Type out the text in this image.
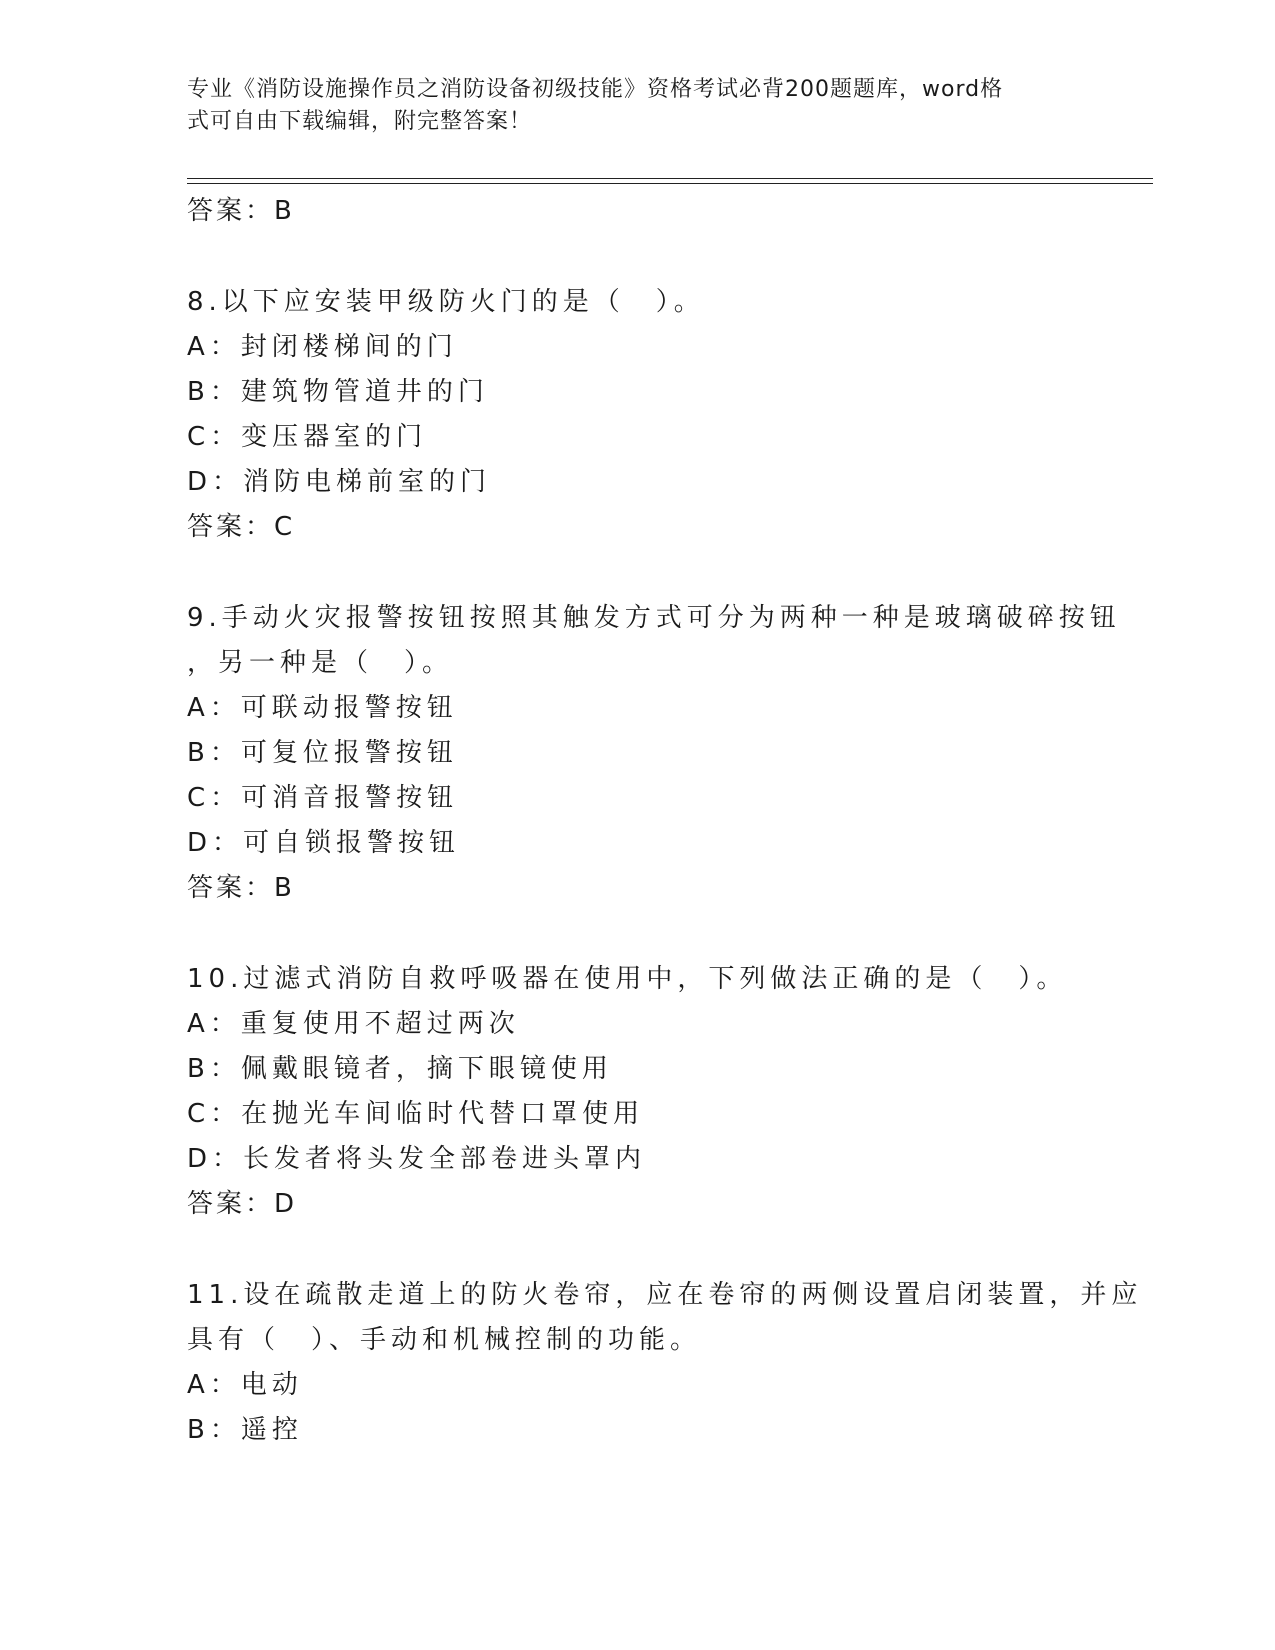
专业《消防设施操作员之消防设备初级技能》资格考试必背200题题库，word格
式可自由下载编辑，附完整答案！
答案：B
8.以下应安装甲级防火门的是（　）。
A：封闭楼梯间的门
B：建筑物管道井的门
C：变压器室的门
D：消防电梯前室的门
答案：C
9.手动火灾报警按钮按照其触发方式可分为两种一种是玻璃破碎按钮
，另一种是（　）。
A：可联动报警按钮
B：可复位报警按钮
C：可消音报警按钮
D：可自锁报警按钮
答案：B
10.过滤式消防自救呼吸器在使用中，下列做法正确的是（　）。
A：重复使用不超过两次
B：佩戴眼镜者，摘下眼镜使用
C：在抛光车间临时代替口罩使用
D：长发者将头发全部卷进头罩内
答案：D
11.设在疏散走道上的防火卷帘，应在卷帘的两侧设置启闭装置，并应
具有（　）、手动和机械控制的功能。
A：电动
B：遥控
